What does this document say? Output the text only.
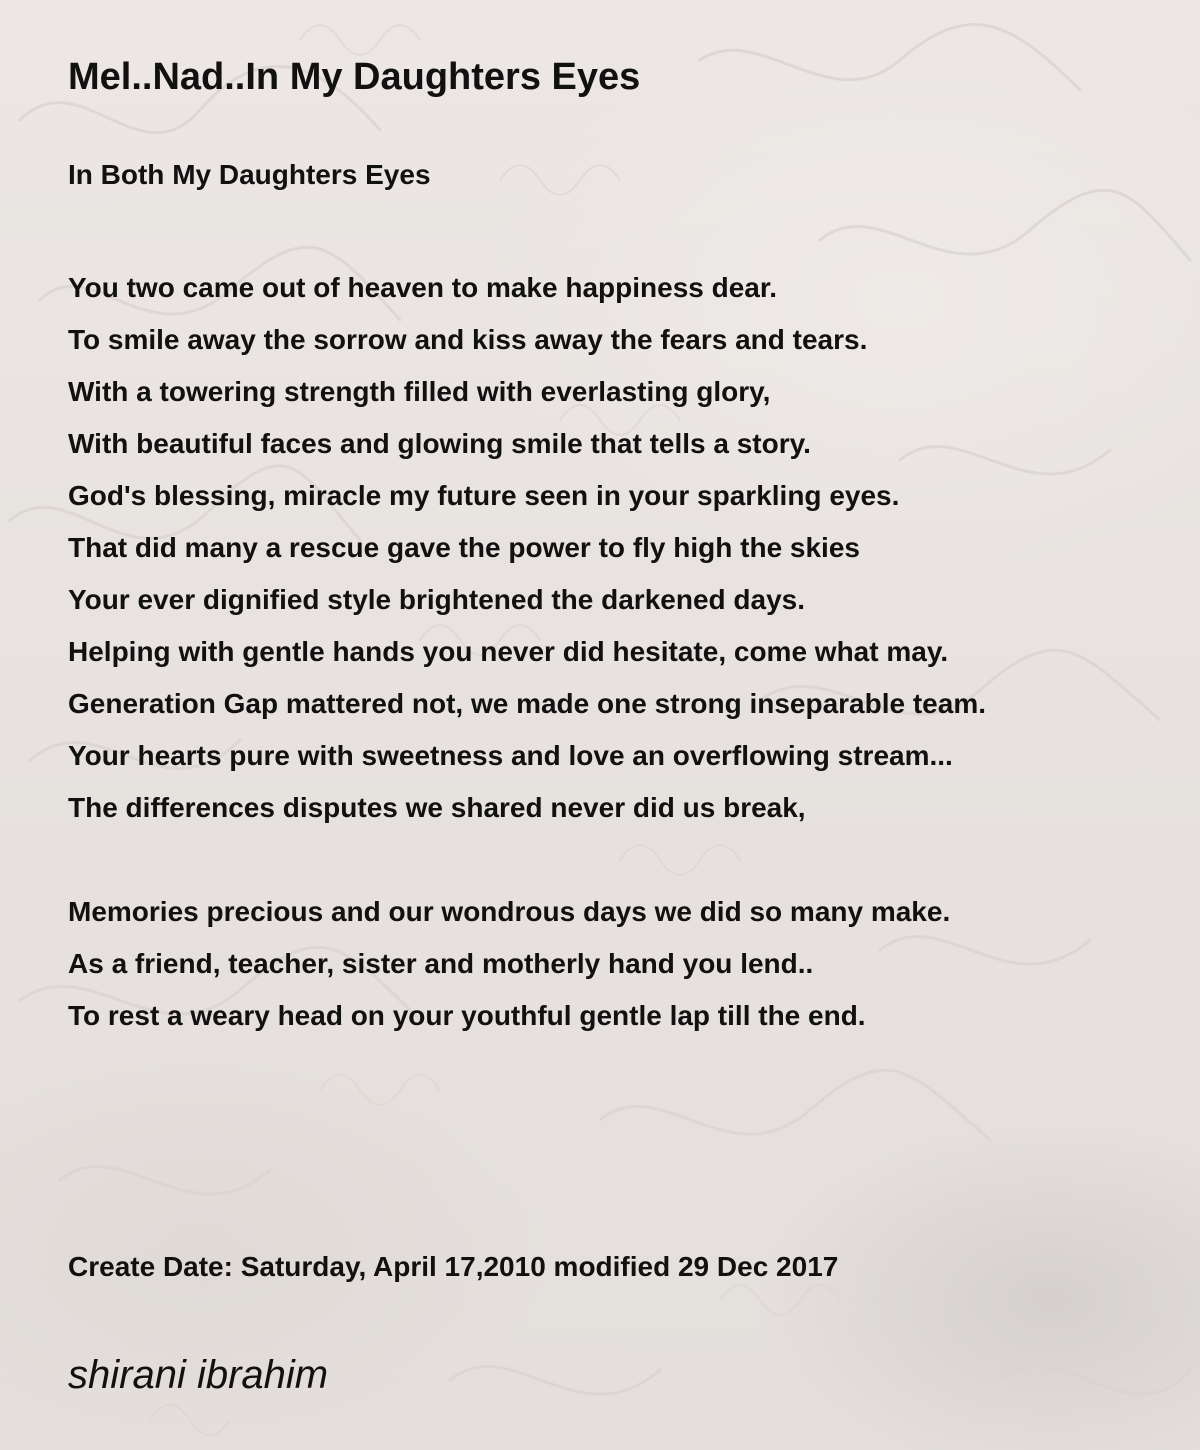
Mel..Nad..In My Daughters Eyes
In Both My Daughters Eyes
You two came out of heaven to make happiness dear.
To smile away the sorrow and kiss away the fears and tears.
With a towering strength filled with everlasting glory,
With beautiful faces and glowing smile that tells a story.
God's blessing, miracle my future seen in your sparkling eyes.
That did many a rescue gave the power to fly high the skies
Your ever dignified style brightened the darkened days.
Helping with gentle hands you never did hesitate, come what may.
Generation Gap mattered not, we made one strong inseparable team.
Your hearts pure with sweetness and love an overflowing stream...
The differences disputes we shared never did us break,
Memories precious and our wondrous days we did so many make.
As a friend, teacher, sister and motherly hand you lend..
To rest a weary head on your youthful gentle lap till the end.
Create Date: Saturday, April 17,2010 modified 29 Dec 2017
shirani ibrahim
